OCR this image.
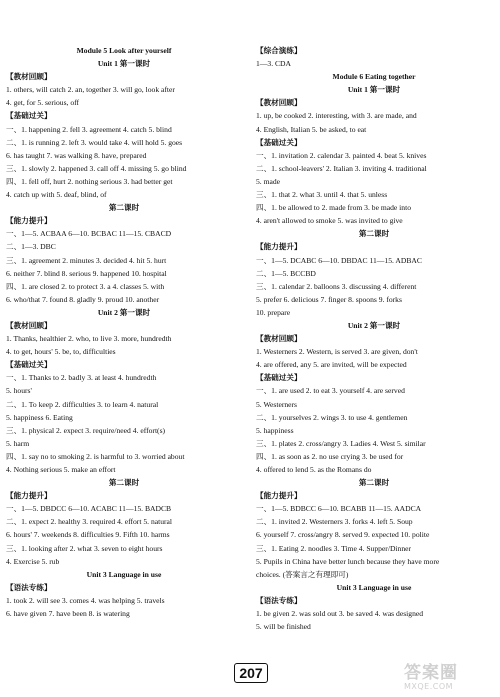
Module 5 Look after yourself
Unit 1 第一课时
【教材回顾】
1. others, will catch 2. an, together 3. will go, look after
4. get, for 5. serious, off
【基础过关】
一、1. happening 2. fell 3. agreement 4. catch 5. blind
二、1. is running 2. left 3. would take 4. will hold 5. goes
6. has taught 7. was walking 8. have, prepared
三、1. slowly 2. happened 3. call off 4. missing 5. go blind
四、1. fell off, hurt 2. nothing serious 3. had better get
4. catch up with 5. deaf, blind, of
第二课时
【能力提升】
一、1—5. ACBAA 6—10. BCBAC 11—15. CBACD
二、1—3. DBC
三、1. agreement 2. minutes 3. decided 4. hit 5. hurt
6. neither 7. blind 8. serious 9. happened 10. hospital
四、1. are closed 2. to protect 3. a 4. classes 5. with
6. who/that 7. found 8. gladly 9. proud 10. another
Unit 2 第一课时
【教材回顾】
1. Thanks, healthier 2. who, to live 3. more, hundredth
4. to get, hours' 5. be, to, difficulties
【基础过关】
一、1. Thanks to 2. badly 3. at least 4. hundredth
5. hours'
二、1. To keep 2. difficulties 3. to learn 4. natural
5. happiness 6. Eating
三、1. physical 2. expect 3. require/need 4. effort(s)
5. harm
四、1. say no to smoking 2. is harmful to 3. worried about
4. Nothing serious 5. make an effort
第二课时
【能力提升】
一、1—5. DBDCC 6—10. ACABC 11—15. BADCB
二、1. expect 2. healthy 3. required 4. effort 5. natural
6. hours' 7. weekends 8. difficulties 9. Fifth 10. harms
三、1. looking after 2. what 3. seven to eight hours
4. Exercise 5. rub
Unit 3 Language in use
【语法专练】
1. took 2. will see 3. comes 4. was helping 5. travels
6. have given 7. have been 8. is watering
【综合演练】
1—3. CDA
Module 6 Eating together
Unit 1 第一课时
【教材回顾】
1. up, be cooked 2. interesting, with 3. are made, and
4. English, Italian 5. be asked, to eat
【基础过关】
一、1. invitation 2. calendar 3. painted 4. beat 5. knives
二、1. school-leavers' 2. Italian 3. inviting 4. traditional
5. made
三、1. that 2. what 3. until 4. that 5. unless
四、1. be allowed to 2. made from 3. be made into
4. aren't allowed to smoke 5. was invited to give
第二课时
【能力提升】
一、1—5. DCABC 6—10. DBDAC 11—15. ADBAC
二、1—5. BCCBD
三、1. calendar 2. balloons 3. discussing 4. different
5. prefer 6. delicious 7. finger 8. spoons 9. forks
10. prepare
Unit 2 第一课时
【教材回顾】
1. Westerners 2. Western, is served 3. are given, don't
4. are offered, any 5. are invited, will be expected
【基础过关】
一、1. are used 2. to eat 3. yourself 4. are served
5. Westerners
二、1. yourselves 2. wings 3. to use 4. gentlemen
5. happiness
三、1. plates 2. cross/angry 3. Ladies 4. West 5. similar
四、1. as soon as 2. no use crying 3. be used for
4. offered to lend 5. as the Romans do
第二课时
【能力提升】
一、1—5. BDBCC 6—10. BCABB 11—15. AADCA
二、1. invited 2. Westerners 3. forks 4. left 5. Soup
6. yourself 7. cross/angry 8. served 9. expected 10. polite
三、1. Eating 2. noodles 3. Time 4. Supper/Dinner
5. Pupils in China have better lunch because they have more
choices. (答案言之有理即可)
Unit 3 Language in use
【语法专练】
1. be given 2. was sold out 3. be saved 4. was designed
5. will be finished
207	答案圈
MXQE.COM
